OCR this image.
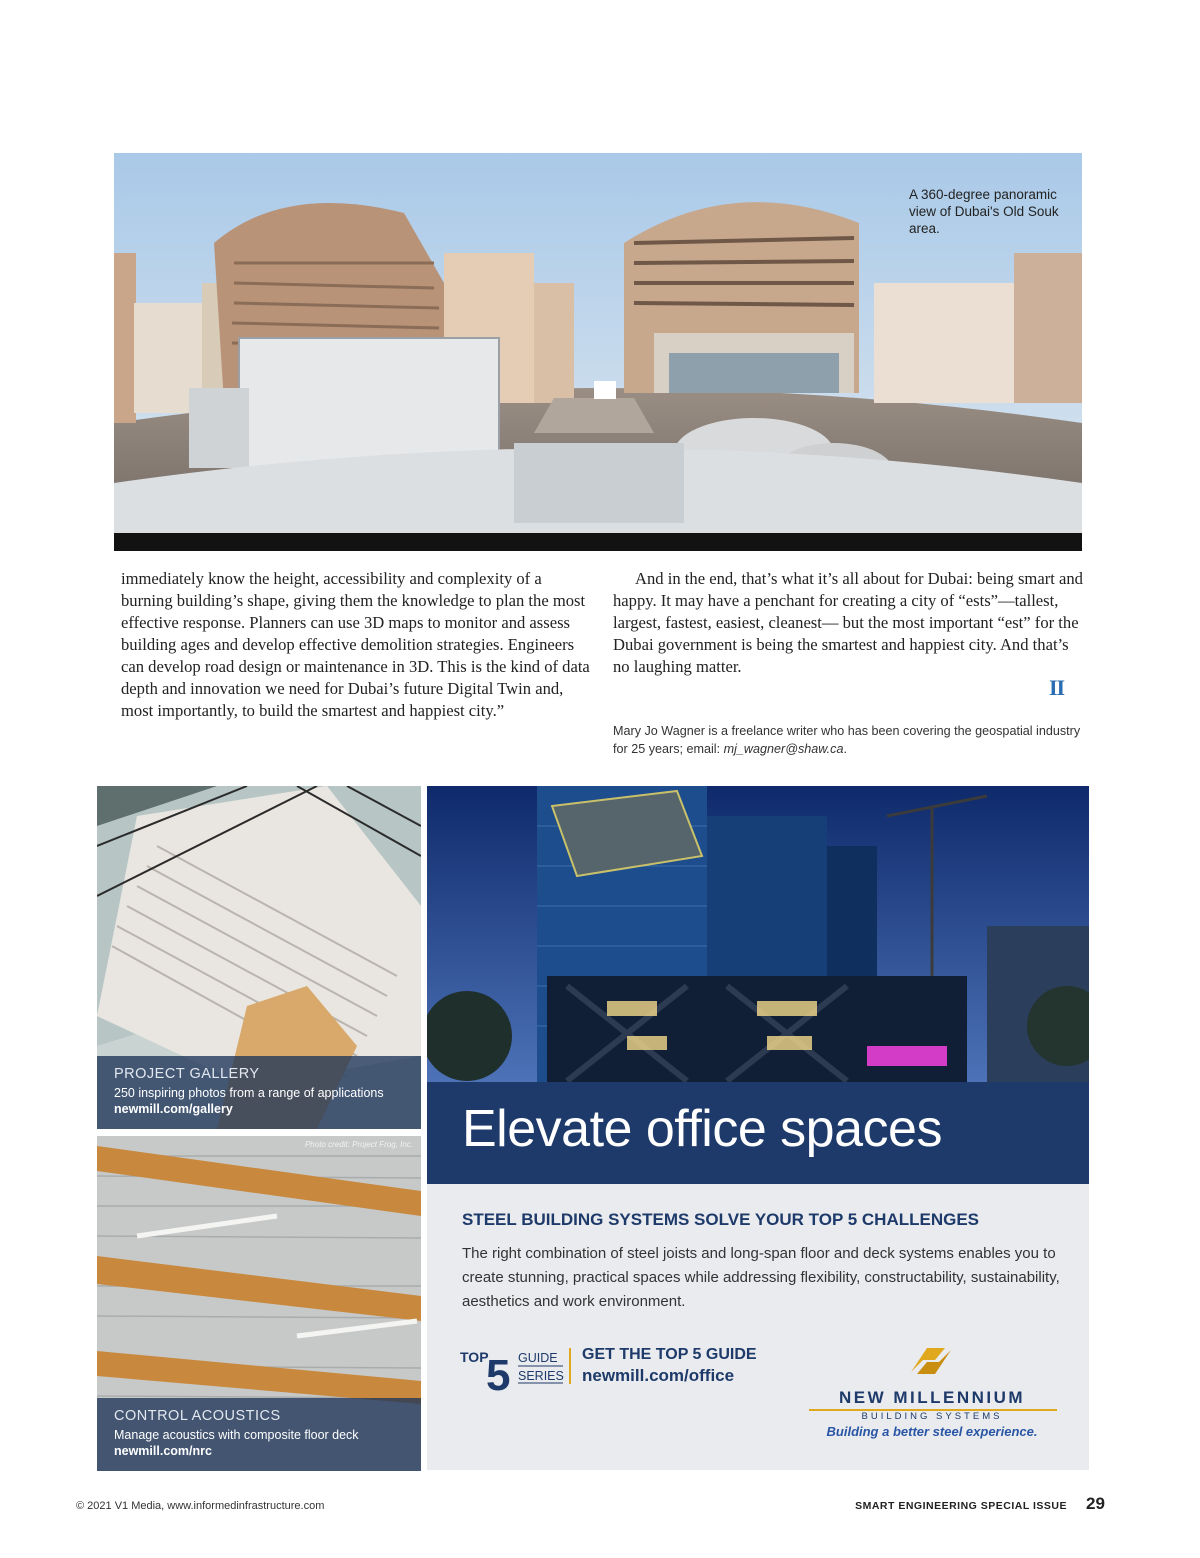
A 360-degree panoramic view of Dubai's Old Souk area.

immediately know the height, accessibility and complexity of a burning building’s shape, giving them the knowledge to plan the most effective response. Planners can use 3D maps to monitor and assess building ages and develop effective demolition strategies. Engineers can develop road design or maintenance in 3D. This is the kind of data depth and innovation we need for Dubai’s future Digital Twin and, most importantly, to build the smartest and happiest city.”

And in the end, that’s what it’s all about for Dubai: being smart and happy. It may have a penchant for creating a city of “ests”––tallest, largest, fastest, easiest, cleanest— but the most important “est” for the Dubai government is being the smartest and happiest city. And that’s no laughing matter.

II

Mary Jo Wagner is a freelance writer who has been covering the geospatial industry for 25 years; email: mj_wagner@shaw.ca.

PROJECT GALLERY
250 inspiring photos from a range of applications
newmill.com/gallery
Photo credit: Project Frog, Inc.
CONTROL ACOUSTICS
Manage acoustics with composite floor deck
newmill.com/nrc
Elevate office spaces
STEEL BUILDING SYSTEMS SOLVE YOUR TOP 5 CHALLENGES

The right combination of steel joists and long-span floor and deck systems enables you to create stunning, practical spaces while addressing flexibility, constructability, sustainability, aesthetics and work environment.

TOP
5 GUIDE
SERIES
GET THE TOP 5 GUIDE
newmill.com/office
NEW MILLENNIUM
BUILDING SYSTEMS
Building a better steel experience.
© 2021 V1 Media, www.informedinfrastructure.com	SMART ENGINEERING SPECIAL ISSUE 29
